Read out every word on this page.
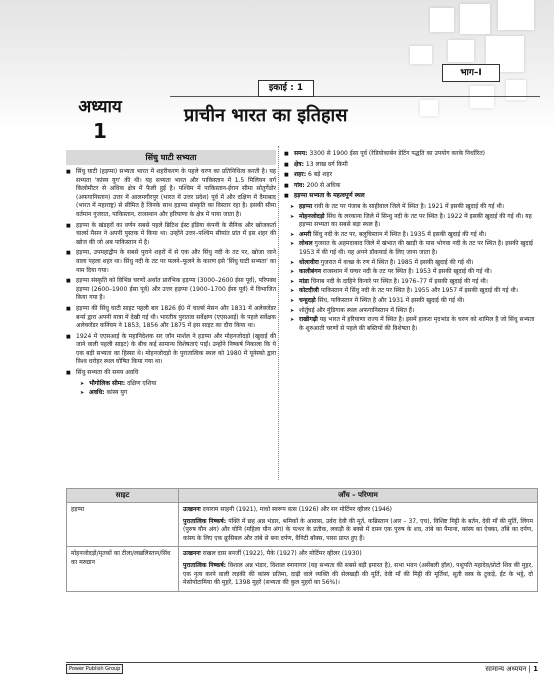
भाग–I
अध्याय
1
इकाई : 1
प्राचीन भारत का इतिहास
सिंधु घाटी सभ्यता
■ सिंधु घाटी (हड़प्पा) सभ्यता भारत में शहरीकरण के पहले चरण का प्रतिनिधित्व करती है। यह सभ्यता 'कांस्य युग' की थी। यह सभ्यता भारत और पाकिस्तान में 1.5 मिलियन वर्ग किलोमीटर से अधिक क्षेत्र में फैली हुई है। पश्चिम में पाकिस्तान-ईरान सीमा सोतुर्गेडोर (अफगानिस्तान) उत्तर में आलमगीरपुर (भारत में उत्तर प्रदेश) पूर्व में और दक्षिण में दैमाबाद (भारत में महाराष्ट्र) से सीमित है जिनके साथ हड़प्पा संस्कृति का विस्तार रहा है। इसकी सीमा वर्तमान गुजरात, पाकिस्तान, राजस्थान और हरियाणा के क्षेत्र में पाया जाता है।
■ हड़प्पा के खंडहरों का वर्णन सबसे पहले ब्रिटिश ईस्ट इंडिया कंपनी के सैनिक और खोजकर्ता चार्ल्स मैसन ने अपनी पुस्तक में किया था। उन्होंने उत्तर–पश्चिम सीमांत प्रांत में इस शहर की खोज की जो अब पाकिस्तान में है।
■ हड़प्पा, उपमहाद्वीप के सबसे पुराने शहरों में से एक और सिंधु नदी के तट पर, खोजा जाने वाला पहला शहर था। सिंधु नदी के तट पर फलने–फूलने के कारण इसे 'सिंधु घाटी सभ्यता' का नाम दिया गया।
■ हड़प्पा संस्कृति को विभिन्न चरणों अर्थात प्रारंभिक हड़प्पा (3000–2600 ईसा पूर्व), परिपक्व हड़प्पा (2600–1900 ईसा पूर्व) और उत्तर हड़प्पा (1900–1700 ईसा पूर्व) में विभाजित किया गया है।
■ हड़प्पा की सिंधु घाटी साइट पहली बार 1826 ई0 में चार्ल्स मेसन और 1831 में अलेक्जेंडर बर्न्स द्वारा अपनी यात्रा में देखी गई थी। भारतीय पुरातत्व सर्वेक्षण (एएसआई) के पहले सर्वेक्षक अलेक्जेंडर कनिंघम ने 1853, 1856 और 1875 में इस साइट का दौरा किया था।
■ 1924 में एएसआई के महानिदेशक सर जॉन मार्शल ने हड़प्पा और मोहनजोदड़ो (खुदाई की जाने वाली पहली साइट) के बीच कई सामान्य विशेषताएं पाईं। उन्होंने निष्कर्ष निकाला कि ये एक बड़ी सभ्यता का हिस्सा थे। मोहनजोदड़ो के पुरातात्विक स्थल को 1980 में यूनेस्को द्वारा विश्व धरोहर स्थल घोषित किया गया था।
■ सिंधु सभ्यता की समय अवधि
➤ भौगोलिक सीमा: दक्षिण एशिया
➤ अवधि: कांस्य युग
■ समय: 3300 से 1900 ईसा पूर्व (रेडियोकार्बन डेटिंग पद्धति का उपयोग करके निर्धारित)
■ क्षेत्र: 13 लाख वर्ग किमी
■ शहर: 6 बड़े शहर
■ गांव: 200 से अधिक
■ हड़प्पा सभ्यता के महत्वपूर्ण स्थल
➤ हड़प्पा रावी के तट पर पंजाब के साहीवाल जिले में स्थित है। 1921 में इसकी खुदाई की गई थी।
➤ मोहनजोदड़ो सिंध के लरकाना जिले में सिन्धु नदी के तट पर स्थित है। 1922 में इसकी खुदाई की गई थी। यह हड़प्पा सभ्यता का सबसे बड़ा स्थल है।
➤ अमरी सिंधु नदी के तट पर, बलूचिस्तान में स्थित है। 1935 में इसकी खुदाई की गई थी।
➤ लोथल गुजरात के अहमदाबाद जिले में खंभात की खाड़ी के पास भोगवा नदी के तट पर स्थित है। इसकी खुदाई 1953 में की गई थी। यह अपने डॉकयार्ड के लिए जाना जाता है।
➤ धोलावीरा गुजरात में कच्छ के रण में स्थित है। 1985 में इसकी खुदाई की गई थी।
➤ कालीबंगन राजस्थान में घग्घर नदी के तट पर स्थित है। 1953 में इसकी खुदाई की गई थी।
➤ मांडा चिनाब नदी के दाहिने किनारे पर स्थित है। 1976–77 में इसकी खुदाई की गई थी।
➤ कोटदीजी पाकिस्तान में सिंधु नदी के तट पर स्थित है। 1955 और 1957 में इसकी खुदाई की गई थी।
➤ चन्हुदड़ो सिंध, पाकिस्तान में स्थित है और 1931 में इसकी खुदाई की गई थी।
➤ शोर्तुघई और मुंडिगाक स्थल अफगानिस्तान में स्थित हैं।
➤ राखीगढ़ी यह भारत में हरियाणा राज्य में स्थित है। इसमें हाकरा मृदभांड के चरण को शामिल है जो सिंधु सभ्यता के शुरुआती चरणों से पहले की बस्तियों की विशेषता है।
साइट	जाँच – परिणाम
हड़प्पा	उत्खननः दयाराम साहनी (1921), माधो स्वरूप वत्स (1926) और सर मोर्टिमर व्हीलर (1946)
पुरातात्विक निष्कर्ष: पंक्ति में छह अन्न भंडार, श्रमिकों के आवास, उर्वरा देवी की मूर्त, कब्रिस्तान (आर – 37, एच), विशिष्ट मिट्टी के बर्तन, देवी माँ की मूर्ति, लिंगम (पुरुष यौन अंग) और योनि (महिला यौन अंग) के पत्थर के प्रतीक, लकड़ी के बक्से में दफ़्न एक पुरुष के शव, तांबे का पैमाना, कांस्य का ऐक्का, ताँबे का दर्पण, कांस्य के लिए एक क्रूसिबल और तांबे से बना दर्पण, वैनिटी बॉक्स, पासा प्राप्त हुए हैं।

मोहनजोदड़ो/मृतकों का टीला/लखलिस्तान/सिंध का मरुद्यान	उत्खननः राखल दास बनर्जी (1922), मैके (1927) और मोर्टिमर व्हीलर (1930)
पुरातात्विक निष्कर्ष: विशाल अन्न भंडार, विशाल स्नानागार (यह सभ्यता की सबसे बड़ी इमारत है), सभा भवन (असेंबली हॉल), पशुपति महादेव/प्रोटो शिव की मुहर, एक नृत्य करने वाली लड़की की कांस्य प्रतिमा, दाढ़ी वाले व्यक्ति की सेलखड़ी की मूर्ति, देवी माँ की मिट्टी की मूर्तियां, सूती वस्त्र के टुकड़े, ईंट के भट्ठे, दो मेसोपोटामिया की मुहरें, 1398 मुहरें (सभ्यता की कुल मुहरों का 56%)।
Power Publish Group	सामान्य अध्ययन | 1
